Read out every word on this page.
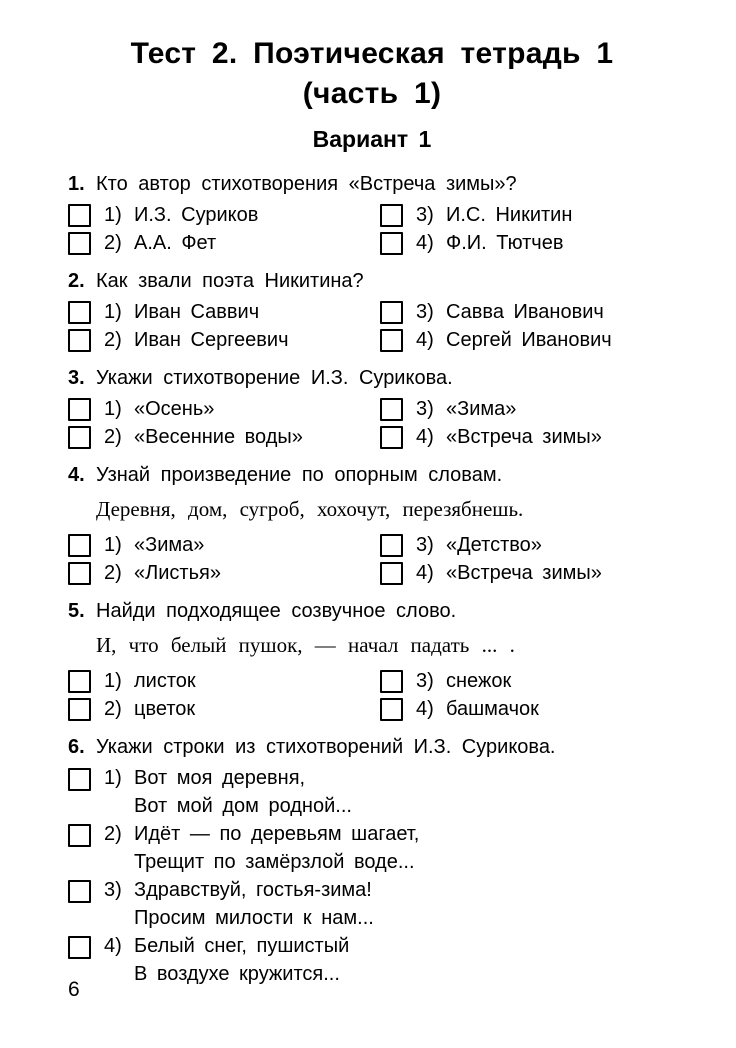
Тест 2. Поэтическая тетрадь 1
(часть 1)
Вариант 1
1. Кто автор стихотворения «Встреча зимы»?
1) И.З. Суриков	3) И.С. Никитин
2) А.А. Фет	4) Ф.И. Тютчев
2. Как звали поэта Никитина?
1) Иван Саввич	3) Савва Иванович
2) Иван Сергеевич	4) Сергей Иванович
3. Укажи стихотворение И.З. Сурикова.
1) «Осень»	3) «Зима»
2) «Весенние воды»	4) «Встреча зимы»
4. Узнай произведение по опорным словам.
Деревня, дом, сугроб, хохочут, перезябнешь.
1) «Зима»	3) «Детство»
2) «Листья»	4) «Встреча зимы»
5. Найди подходящее созвучное слово.
И, что белый пушок, — начал падать ... .
1) листок	3) снежок
2) цветок	4) башмачок
6. Укажи строки из стихотворений И.З. Сурикова.
1) Вот моя деревня,
Вот мой дом родной...
2) Идёт — по деревьям шагает,
Трещит по замёрзлой воде...
3) Здравствуй, гостья-зима!
Просим милости к нам...
4) Белый снег, пушистый
В воздухе кружится...
6
